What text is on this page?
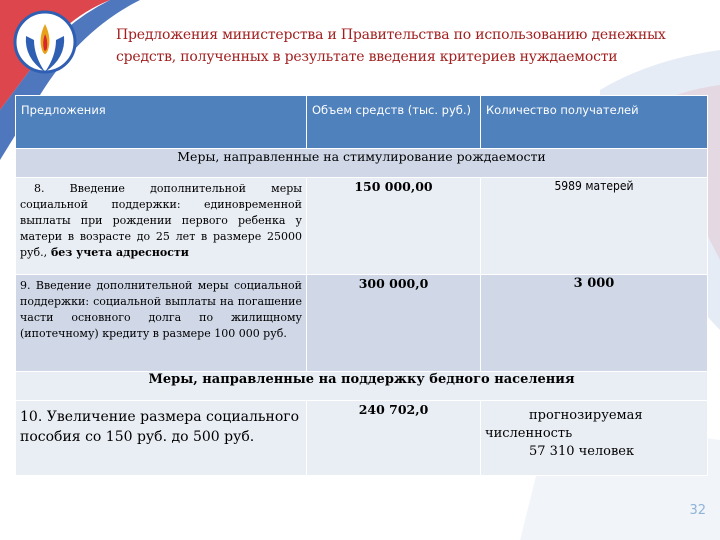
Предложения министерства и Правительства по использованию денежных средств, полученных в результате введения критериев нуждаемости
Предложения	Объем средств (тыс. руб.)	Количество получателей
Меры, направленные на стимулирование рождаемости		
8. Введение дополнительной меры социальной поддержки: единовременной выплаты при рождении первого ребенка у матери в возрасте до 25 лет в размере 25000 руб., без учета адресности	150 000,00	5989 матерей
9. Введение дополнительной меры социальной поддержки: социальной выплаты на погашение части основного долга по жилищному (ипотечному) кредиту в размере 100 000 руб.	300 000,0	3 000
Меры, направленные на поддержку бедного населения		
10. Увеличение размера социального пособия со 150 руб. до 500 руб.	240 702,0	прогнозируемая
численность
57 310 человек
32
